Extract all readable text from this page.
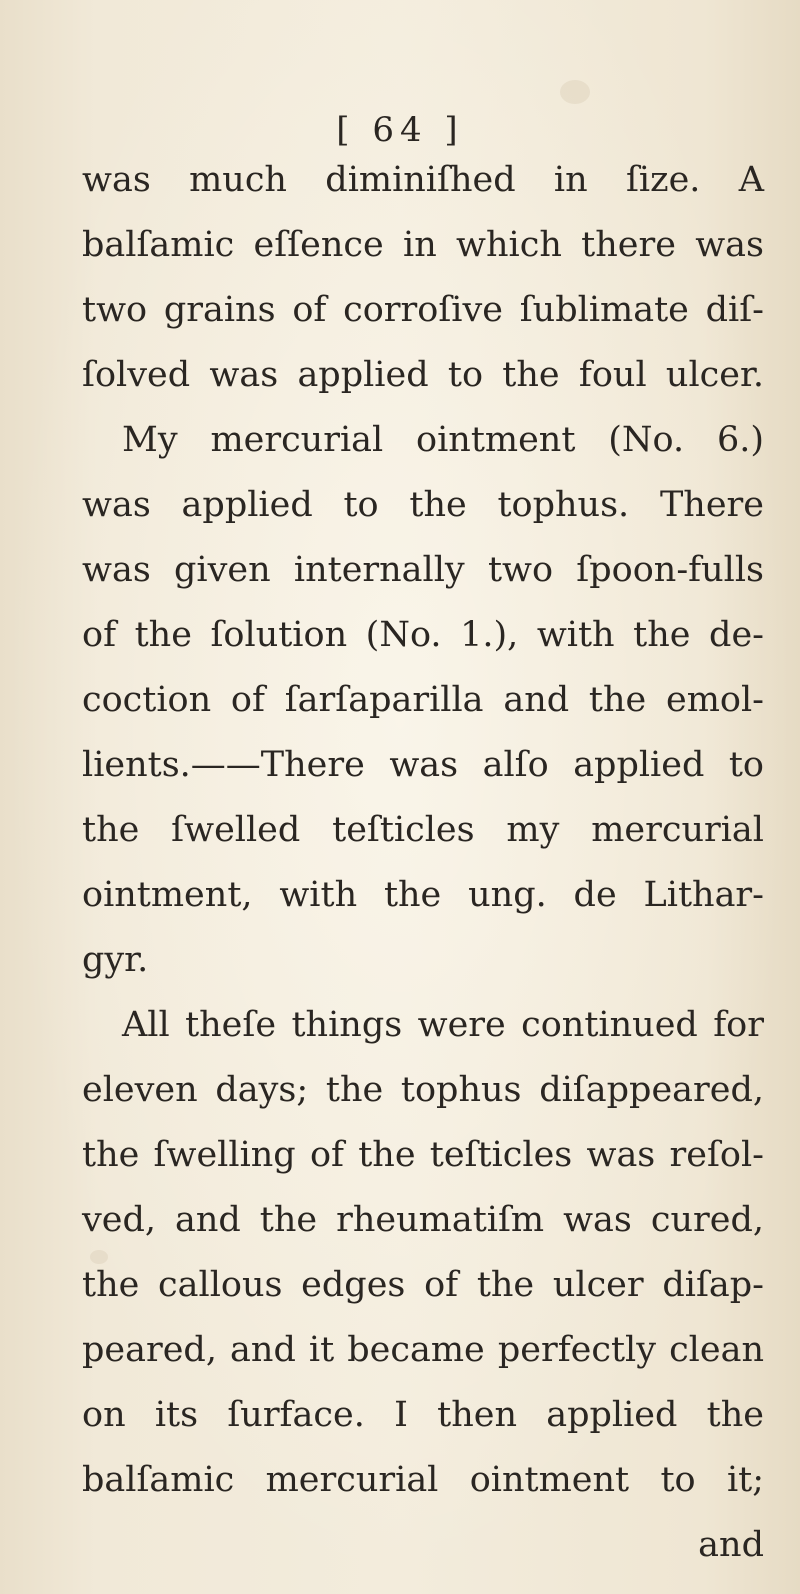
[ 64 ]
was much diminiſhed in ſize. A
balſamic eſſence in which there was
two grains of corroſive ſublimate diſ-
ſolved was applied to the foul ulcer.
My mercurial ointment (No. 6.)
was applied to the tophus. There
was given internally two ſpoon-fulls
of the ſolution (No. 1.), with the de-
coction of ſarſaparilla and the emol-
lients.——There was alſo applied to
the ſwelled teſticles my mercurial
ointment, with the ung. de Lithar-
gyr.
All theſe things were continued for
eleven days; the tophus diſappeared,
the ſwelling of the teſticles was reſol-
ved, and the rheumatiſm was cured,
the callous edges of the ulcer diſap-
peared, and it became perfectly clean
on its ſurface. I then applied the
balſamic mercurial ointment to it;
and
